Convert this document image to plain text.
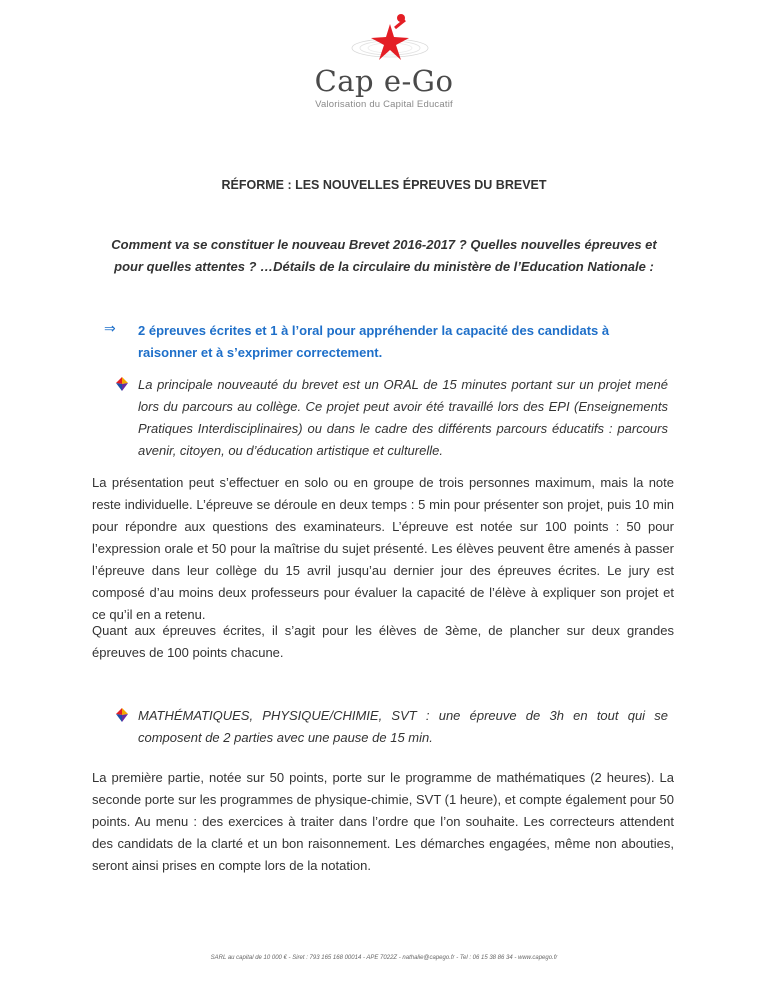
Cap e-Go
Valorisation du Capital Educatif
RÉFORME : LES NOUVELLES ÉPREUVES DU BREVET
Comment va se constituer le nouveau Brevet 2016-2017 ? Quelles nouvelles épreuves et pour quelles attentes ? …Détails de la circulaire du ministère de l’Education Nationale :
⇒ 2 épreuves écrites et 1 à l’oral pour appréhender la capacité des candidats à raisonner et à s’exprimer correctement.
La principale nouveauté du brevet est un ORAL de 15 minutes portant sur un projet mené lors du parcours au collège. Ce projet peut avoir été travaillé lors des EPI (Enseignements Pratiques Interdisciplinaires) ou dans le cadre des différents parcours éducatifs : parcours avenir, citoyen, ou d’éducation artistique et culturelle.
La présentation peut s’effectuer en solo ou en groupe de trois personnes maximum, mais la note reste individuelle. L’épreuve se déroule en deux temps : 5 min pour présenter son projet, puis 10 min pour répondre aux questions des examinateurs. L’épreuve est notée sur 100 points : 50 pour l’expression orale et 50 pour la maîtrise du sujet présenté. Les élèves peuvent être amenés à passer l’épreuve dans leur collège du 15 avril jusqu’au dernier jour des épreuves écrites. Le jury est composé d’au moins deux professeurs pour évaluer la capacité de l’élève à expliquer son projet et ce qu’il en a retenu.
Quant aux épreuves écrites, il s’agit pour les élèves de 3ème, de plancher sur deux grandes épreuves de 100 points chacune.
MATHÉMATIQUES, PHYSIQUE/CHIMIE, SVT : une épreuve de 3h en tout qui se composent de 2 parties avec une pause de 15 min.
La première partie, notée sur 50 points, porte sur le programme de mathématiques (2 heures). La seconde porte sur les programmes de physique-chimie, SVT (1 heure), et compte également pour 50 points. Au menu : des exercices à traiter dans l’ordre que l’on souhaite. Les correcteurs attendent des candidats de la clarté et un bon raisonnement. Les démarches engagées, même non abouties, seront ainsi prises en compte lors de la notation.
SARL au capital de 10 000 € - Siret : 793 165 168 00014 - APE 7022Z - nathalie@capego.fr - Tel : 06 15 38 86 34 - www.capego.fr
